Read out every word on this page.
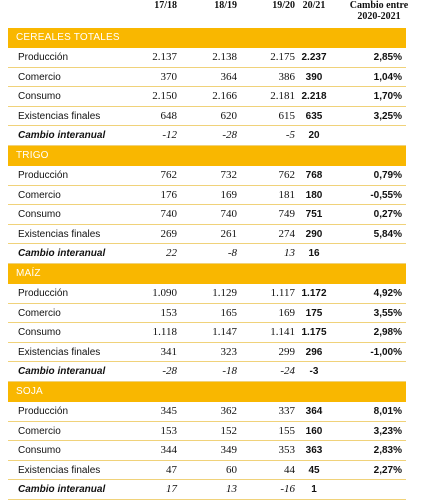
17/18	18/19	19/20 20/21	Cambio entre
2020-2021
CEREALES TOTALES
Producción	2.137	2.138	2.175 2.237	2,85%
Comercio	370	364	386	390	1,04%
Consumo	2.150	2.166	2.181 2.218	1,70%
Existencias finales	648	620	615	635	3,25%
Cambio interanual	-12	-28	-5	20
TRIGO
Producción	762	732	762	768	0,79%
Comercio	176	169	181	180	-0,55%
Consumo	740	740	749	751	0,27%
Existencias finales	269	261	274	290	5,84%
Cambio interanual	22	-8	13	16
MAÍZ
Producción	1.090	1.129	1.117 1.172	4,92%
Comercio	153	165	169	175	3,55%
Consumo	1.118	1.147	1.141 1.175	2,98%
Existencias finales	341	323	299	296	-1,00%
Cambio interanual	-28	-18	-24	-3
SOJA
Producción	345	362	337	364	8,01%
Comercio	153	152	155	160	3,23%
Consumo	344	349	353	363	2,83%
Existencias finales	47	60	44	45	2,27%
Cambio interanual	17	13	-16	1
